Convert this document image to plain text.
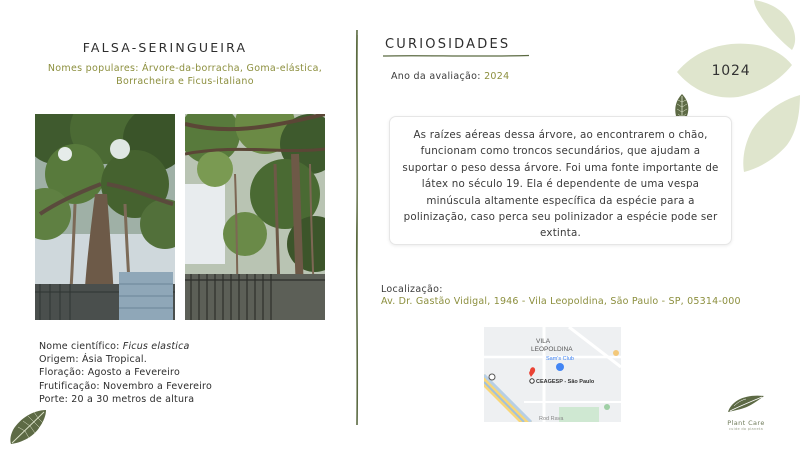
FALSA-SERINGUEIRA
Nomes populares: Árvore-da-borracha, Goma-elástica, Borracheira e Ficus-italiano
Nome científico: Ficus elastica
Origem: Ásia Tropical.
Floração: Agosto a Fevereiro
Frutificação: Novembro a Fevereiro
Porte: 20 a 30 metros de altura
CURIOSIDADES
Ano da avaliação: 2024	1024
As raízes aéreas dessa árvore, ao encontrarem o chão, funcionam como troncos secundários, que ajudam a suportar o peso dessa árvore. Foi uma fonte importante de látex no século 19. Ela é dependente de uma vespa minúscula altamente específica da espécie para a polinização, caso perca seu polinizador a espécie pode ser extinta.
Localização:
Av. Dr. Gastão Vidigal, 1946 - Vila Leopoldina, São Paulo - SP, 05314-000
VILA
LEOPOLDINA
Sam's Club
CEAGESP - São Paulo
Rod Rava	Plant Care
cuide do planeta
